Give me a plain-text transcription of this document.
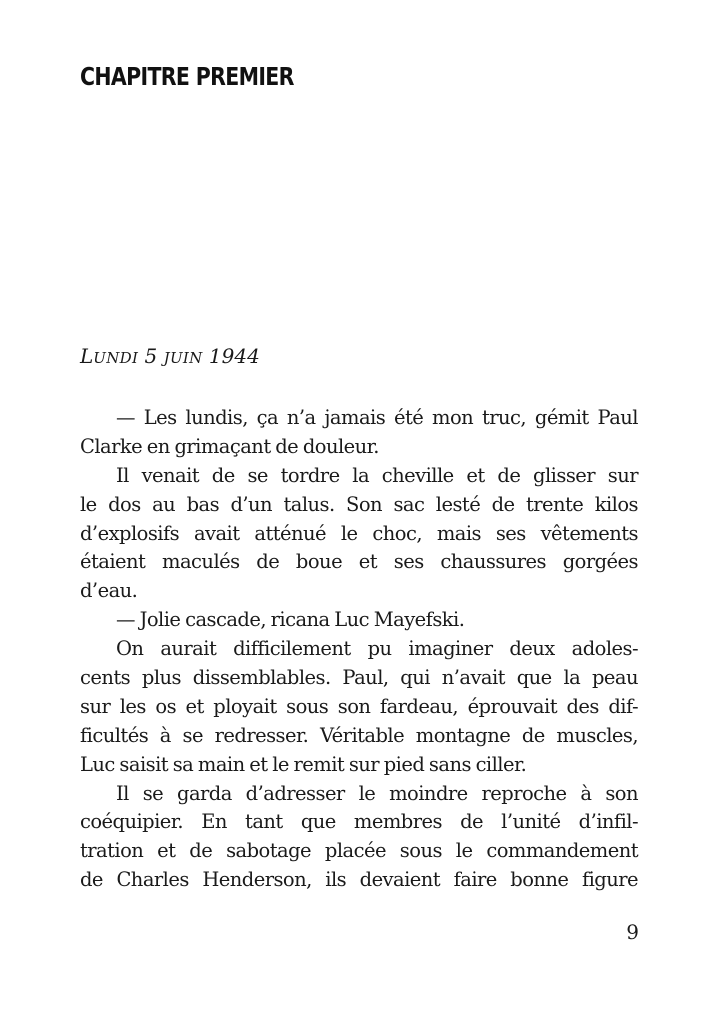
CHAPITRE PREMIER

LUNDI 5 JUIN 1944

— Les lundis, ça n’a jamais été mon truc, gémit Paul
Clarke en grimaçant de douleur.
Il venait de se tordre la cheville et de glisser sur
le dos au bas d’un talus. Son sac lesté de trente kilos
d’explosifs avait atténué le choc, mais ses vêtements
étaient maculés de boue et ses chaussures gorgées
d’eau.
— Jolie cascade, ricana Luc Mayefski.
On aurait difficilement pu imaginer deux adoles-
cents plus dissemblables. Paul, qui n’avait que la peau
sur les os et ployait sous son fardeau, éprouvait des dif-
ficultés à se redresser. Véritable montagne de muscles,
Luc saisit sa main et le remit sur pied sans ciller.
Il se garda d’adresser le moindre reproche à son
coéquipier. En tant que membres de l’unité d’infil-
tration et de sabotage placée sous le commandement
de Charles Henderson, ils devaient faire bonne figure

9
